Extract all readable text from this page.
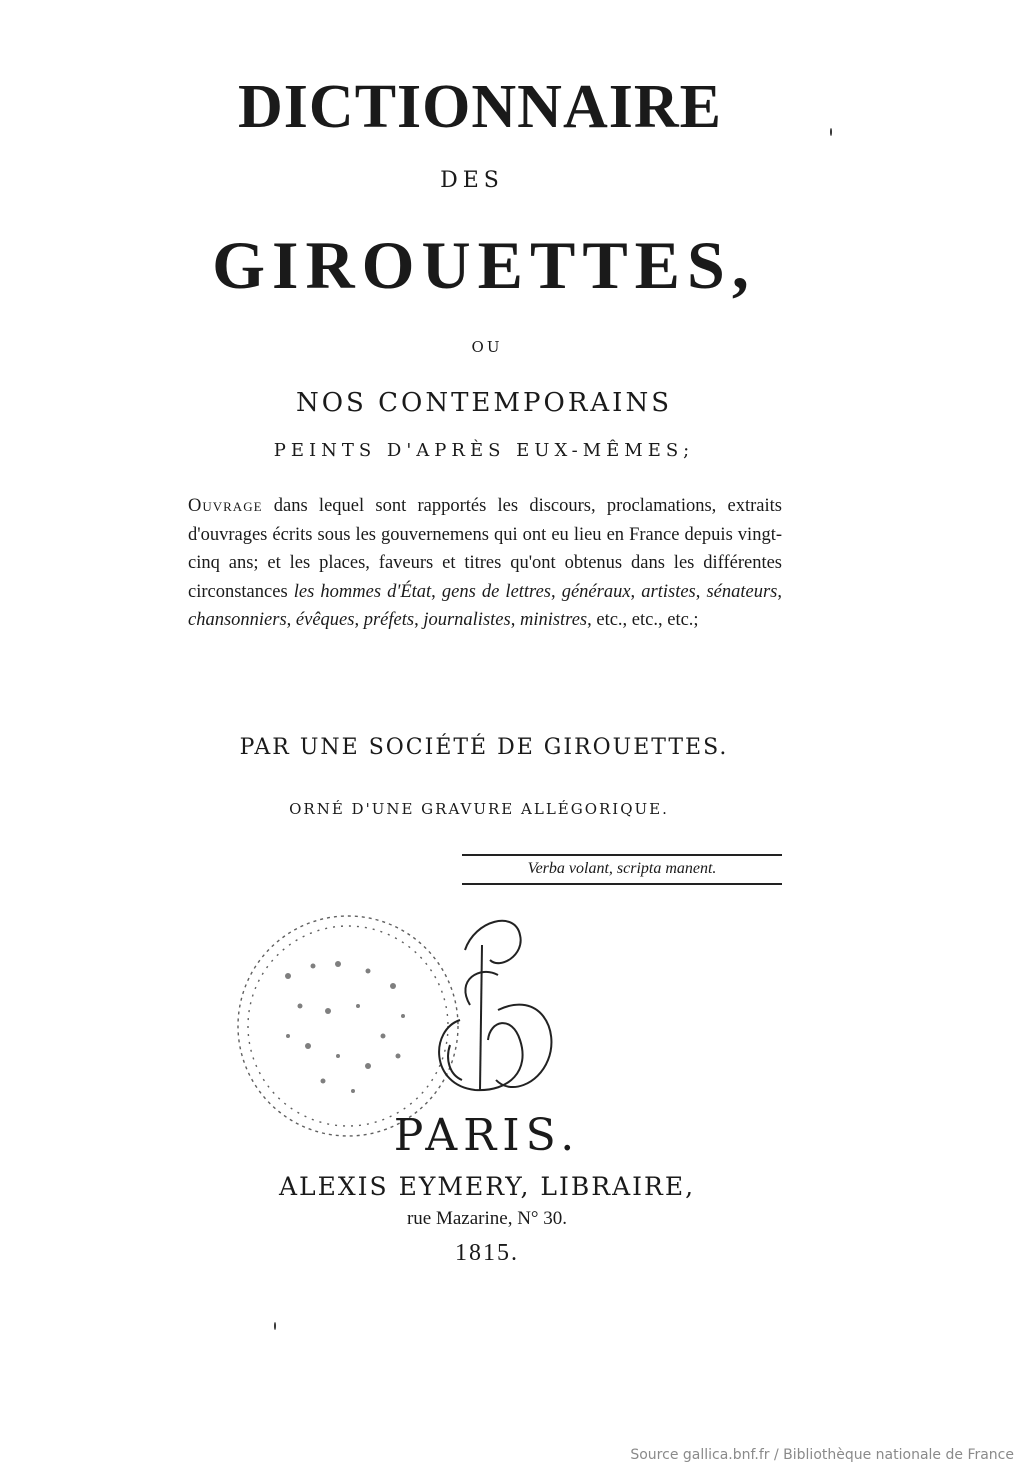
DICTIONNAIRE
DES
GIROUETTES,
OU
NOS CONTEMPORAINS
PEINTS D'APRÈS EUX-MÊMES;
Ouvrage dans lequel sont rapportés les discours, proclamations, extraits d'ouvrages écrits sous les gouvernemens qui ont eu lieu en France depuis vingt-cinq ans; et les places, faveurs et titres qu'ont obtenus dans les différentes circonstances les hommes d'État, gens de lettres, généraux, artistes, sénateurs, chansonniers, évêques, préfets, journalistes, ministres, etc., etc., etc.;
PAR UNE SOCIÉTÉ DE GIROUETTES.
ORNÉ D'UNE GRAVURE ALLÉGORIQUE.
Verba volant, scripta manent.
PARIS.
ALEXIS EYMERY, LIBRAIRE,
rue Mazarine, N° 30.
1815.
Source gallica.bnf.fr / Bibliothèque nationale de France
